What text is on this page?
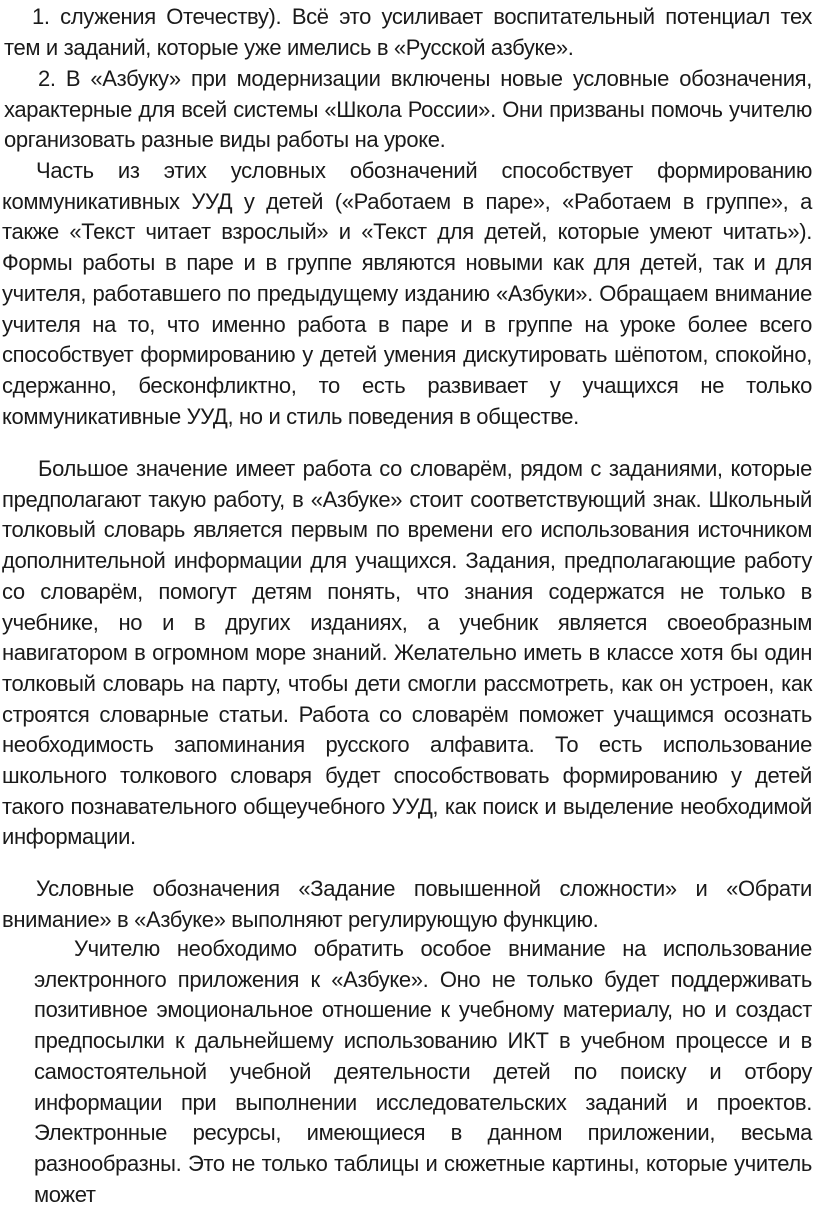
1. служения Отечеству). Всё это усиливает воспитательный потенциал тех тем и заданий, которые уже имелись в «Русской азбуке».

2. В «Азбуку» при модернизации включены новые условные обозначения, характерные для всей системы «Школа России». Они призваны помочь учителю организовать разные виды работы на уроке.

Часть из этих условных обозначений способствует формированию коммуникативных УУД у детей («Работаем в паре», «Работаем в группе», а также «Текст читает взрослый» и «Текст для детей, которые умеют читать»). Формы работы в паре и в группе являются новыми как для детей, так и для учителя, работавшего по предыдущему изданию «Азбуки». Обращаем внимание учителя на то, что именно работа в паре и в группе на уроке более всего способствует формированию у детей умения дискутировать шёпотом, спокойно, сдержанно, бесконфликтно, то есть развивает у учащихся не только коммуникативные УУД, но и стиль поведения в обществе.

Большое значение имеет работа со словарём, рядом с заданиями, которые предполагают такую работу, в «Азбуке» стоит соответствующий знак. Школьный толковый словарь является первым по времени его использования источником дополнительной информации для учащихся. Задания, предполагающие работу со словарём, помогут детям понять, что знания содержатся не только в учебнике, но и в других изданиях, а учебник является своеобразным навигатором в огромном море знаний. Желательно иметь в классе хотя бы один толковый словарь на парту, чтобы дети смогли рассмотреть, как он устроен, как строятся словарные статьи. Работа со словарём поможет учащимся осознать необходимость запоминания русского алфавита. То есть использование школьного толкового словаря будет способствовать формированию у детей такого познавательного общеучебного УУД, как поиск и выделение необходимой информации.

Условные обозначения «Задание повышенной сложности» и «Обрати внимание» в «Азбуке» выполняют регулирующую функцию.

Учителю необходимо обратить особое внимание на использование электронного приложения к «Азбуке». Оно не только будет поддерживать позитивное эмоциональное отношение к учебному материалу, но и создаст предпосылки к дальнейшему использованию ИКТ в учебном процессе и в самостоятельной учебной деятельности детей по поиску и отбору информации при выполнении исследовательских заданий и проектов. Электронные ресурсы, имеющиеся в данном приложении, весьма разнообразны. Это не только таблицы и сюжетные картины, которые учитель может
